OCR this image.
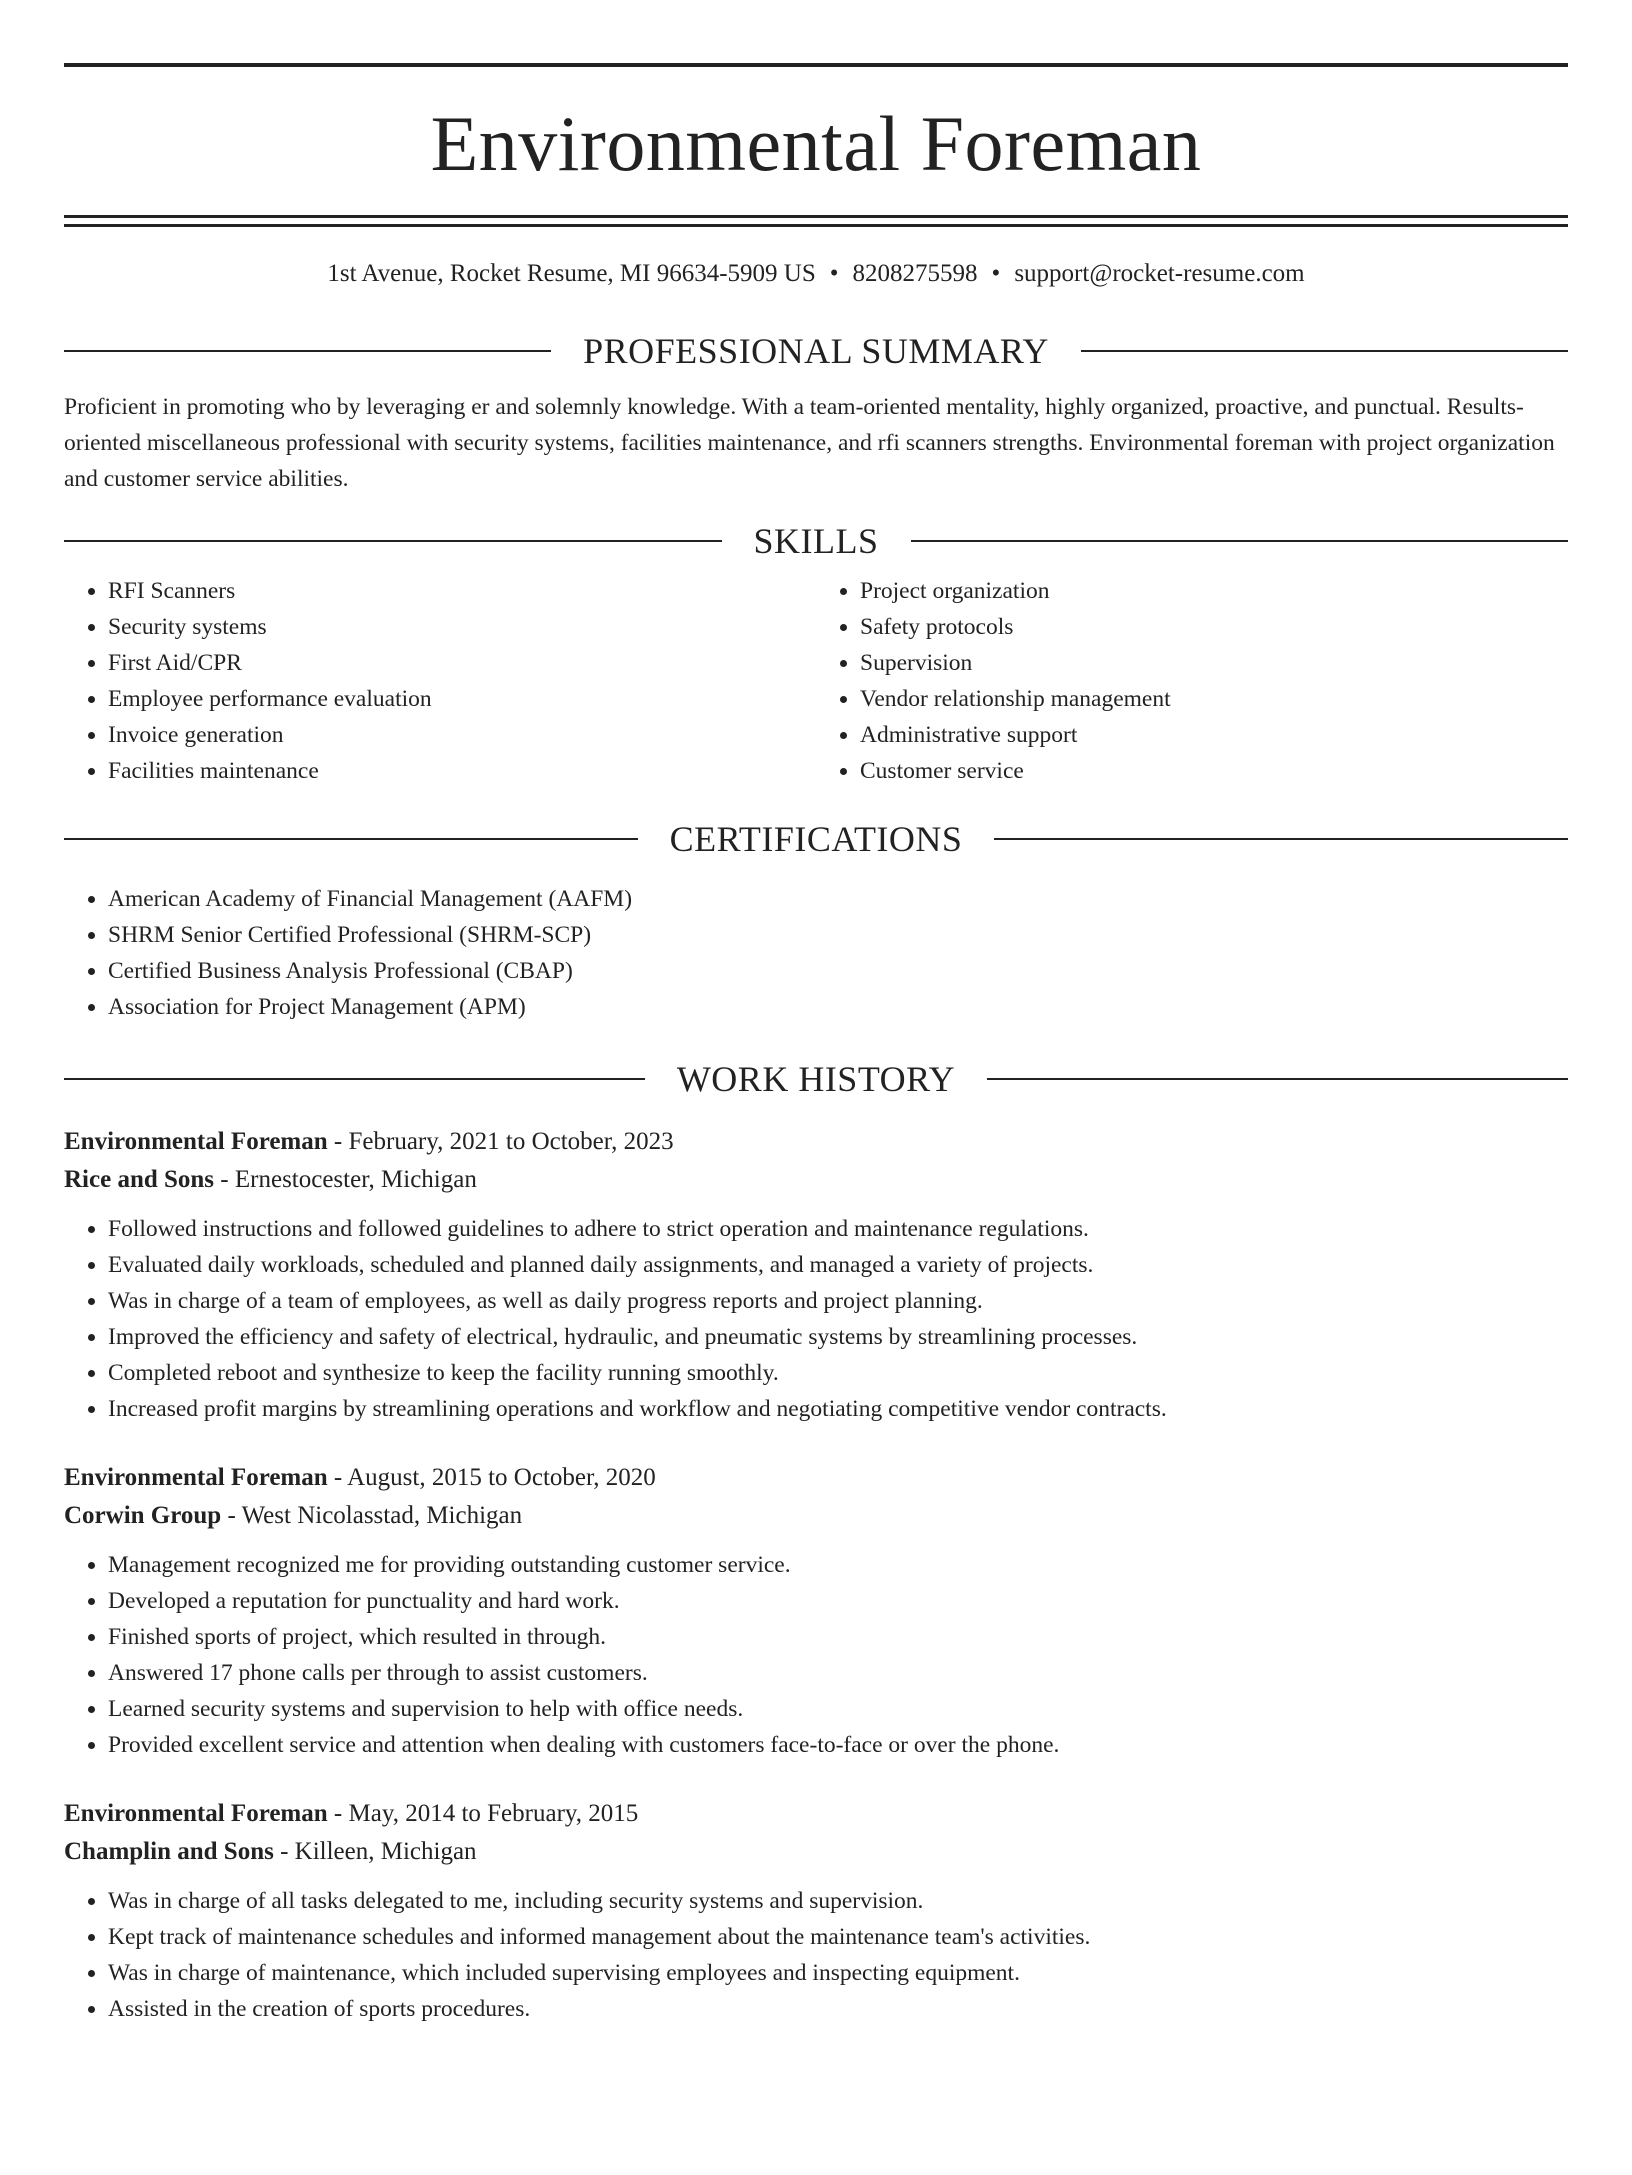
Environmental Foreman
1st Avenue, Rocket Resume, MI 96634-5909 US • 8208275598 • support@rocket-resume.com
PROFESSIONAL SUMMARY

Proficient in promoting who by leveraging er and solemnly knowledge. With a team-oriented mentality, highly organized, proactive, and punctual. Results-oriented miscellaneous professional with security systems, facilities maintenance, and rfi scanners strengths. Environmental foreman with project organization and customer service abilities.

SKILLS
• RFI Scanners
• Security systems
• First Aid/CPR
• Employee performance evaluation
• Invoice generation
• Facilities maintenance
• Project organization
• Safety protocols
• Supervision
• Vendor relationship management
• Administrative support
• Customer service
CERTIFICATIONS
• American Academy of Financial Management (AAFM)
• SHRM Senior Certified Professional (SHRM-SCP)
• Certified Business Analysis Professional (CBAP)
• Association for Project Management (APM)
WORK HISTORY
Environmental Foreman - February, 2021 to October, 2023
Rice and Sons - Ernestocester, Michigan
• Followed instructions and followed guidelines to adhere to strict operation and maintenance regulations.
• Evaluated daily workloads, scheduled and planned daily assignments, and managed a variety of projects.
• Was in charge of a team of employees, as well as daily progress reports and project planning.
• Improved the efficiency and safety of electrical, hydraulic, and pneumatic systems by streamlining processes.
• Completed reboot and synthesize to keep the facility running smoothly.
• Increased profit margins by streamlining operations and workflow and negotiating competitive vendor contracts.
Environmental Foreman - August, 2015 to October, 2020
Corwin Group - West Nicolasstad, Michigan
• Management recognized me for providing outstanding customer service.
• Developed a reputation for punctuality and hard work.
• Finished sports of project, which resulted in through.
• Answered 17 phone calls per through to assist customers.
• Learned security systems and supervision to help with office needs.
• Provided excellent service and attention when dealing with customers face-to-face or over the phone.
Environmental Foreman - May, 2014 to February, 2015
Champlin and Sons - Killeen, Michigan
• Was in charge of all tasks delegated to me, including security systems and supervision.
• Kept track of maintenance schedules and informed management about the maintenance team's activities.
• Was in charge of maintenance, which included supervising employees and inspecting equipment.
• Assisted in the creation of sports procedures.
